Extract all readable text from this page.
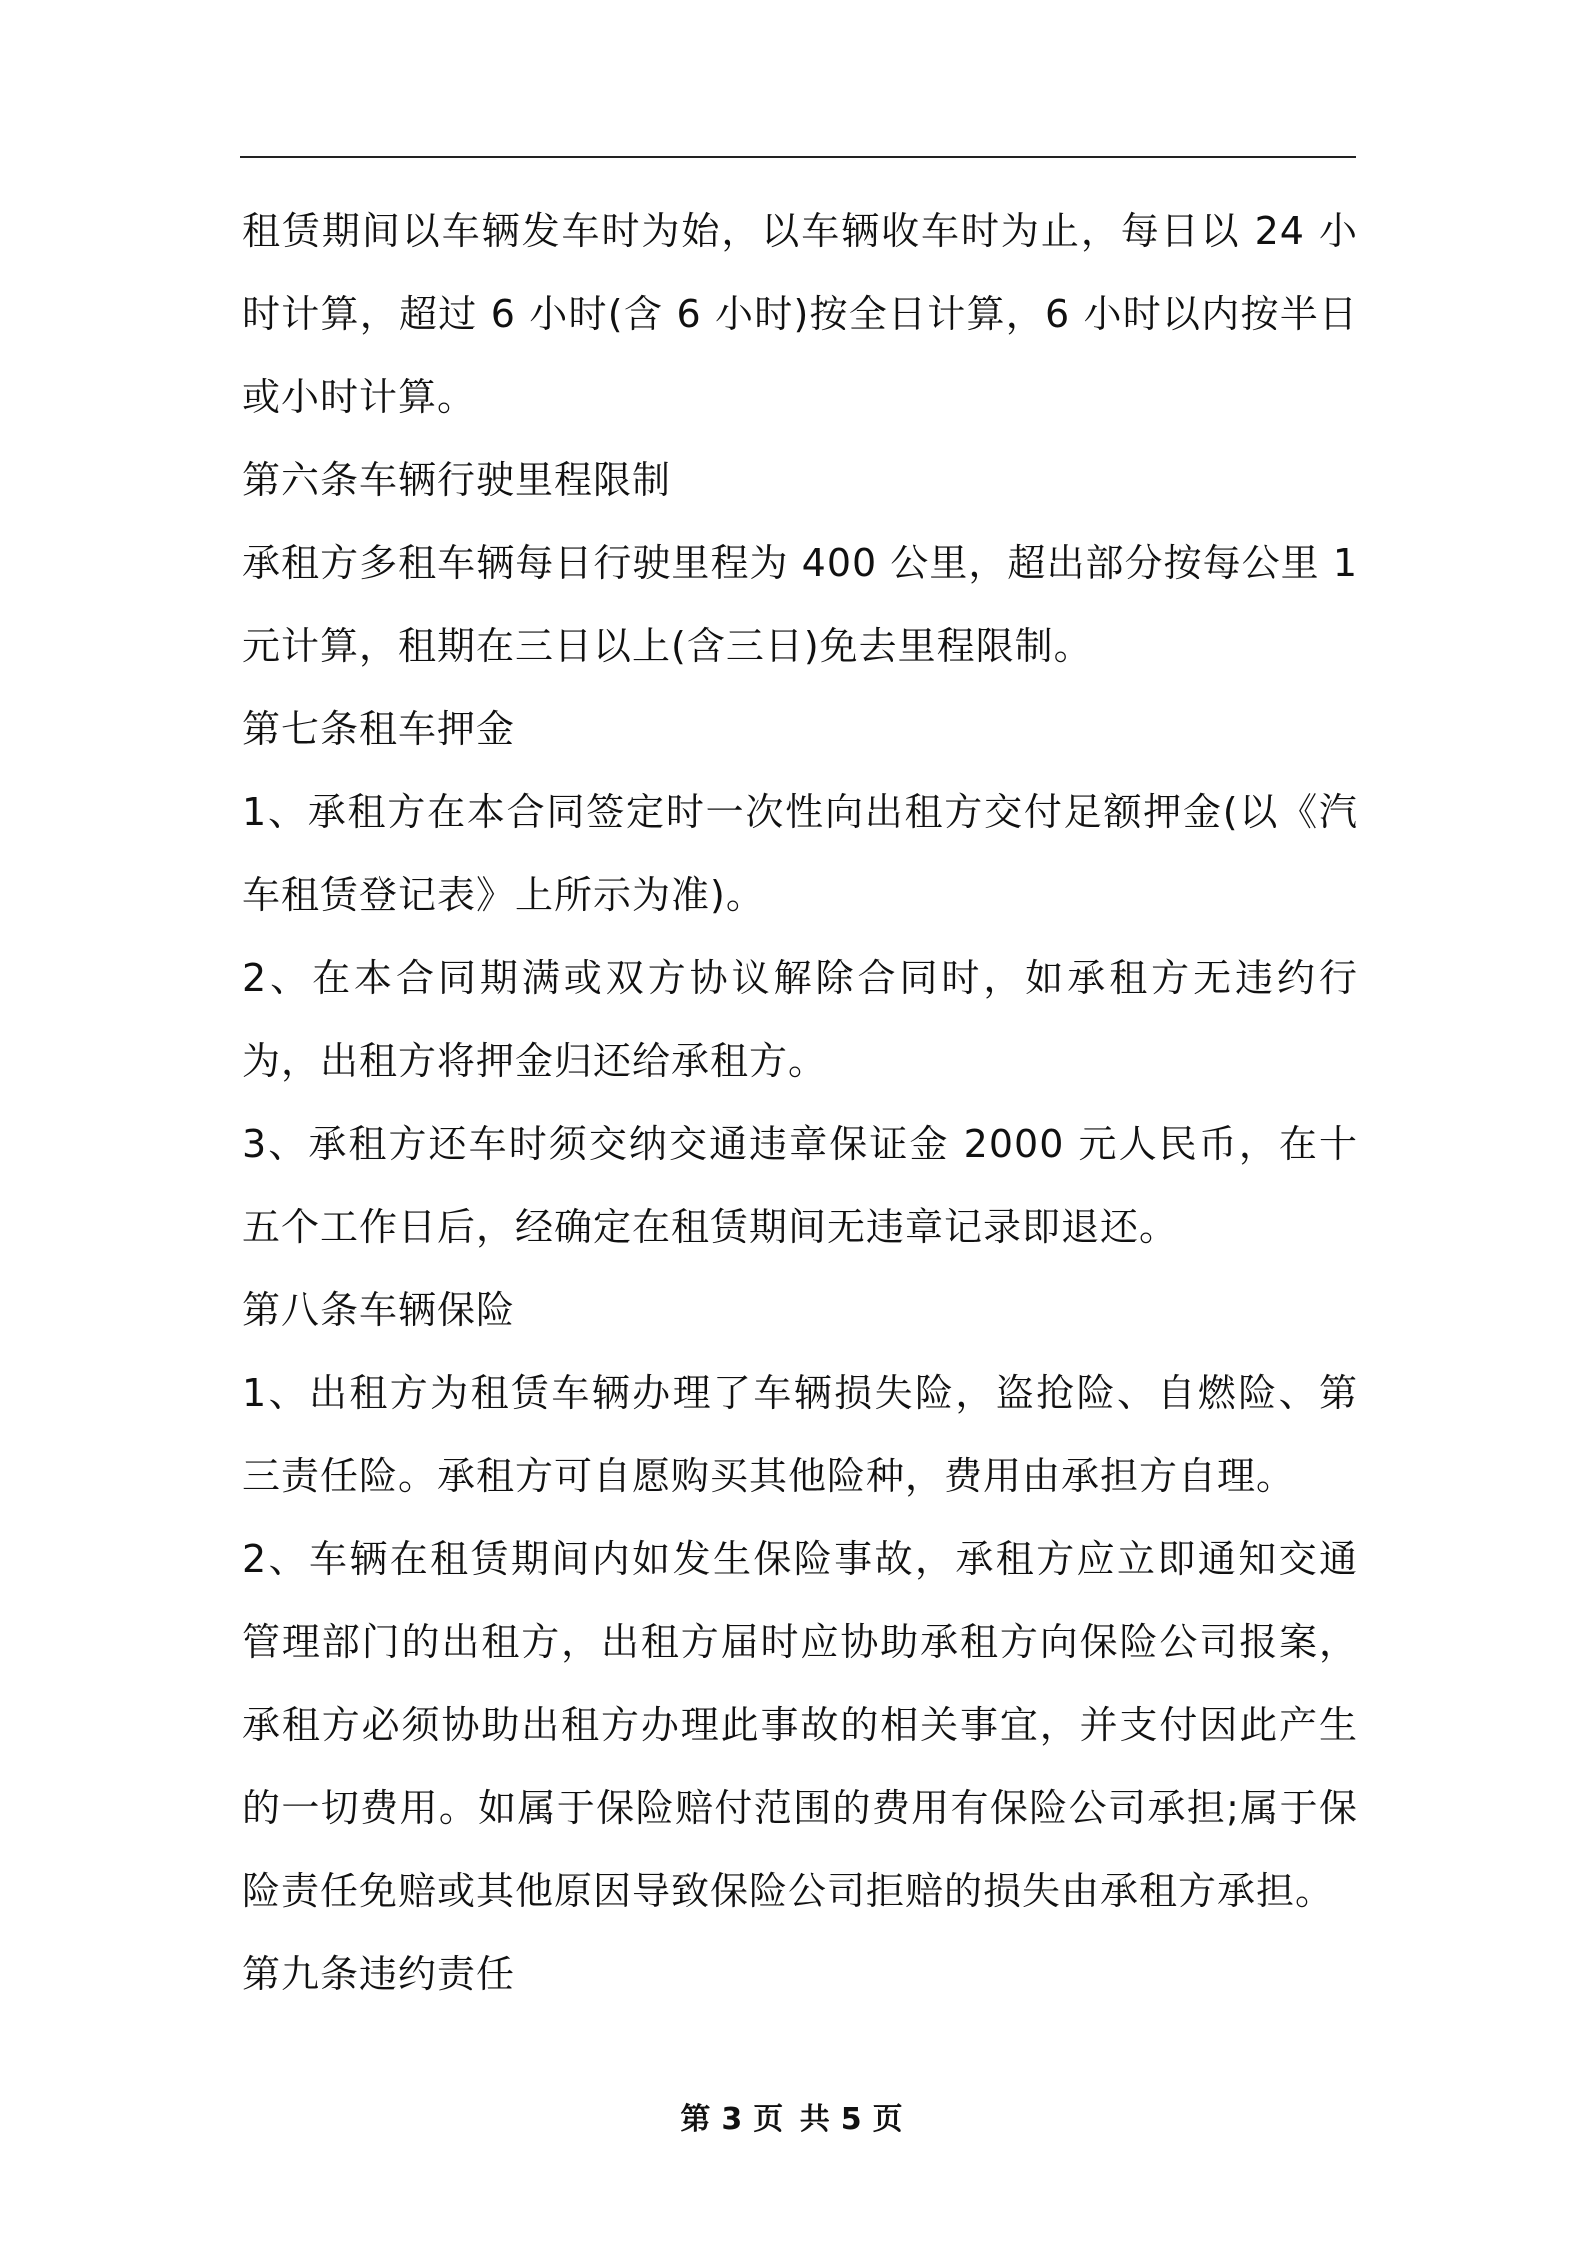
租赁期间以车辆发车时为始，以车辆收车时为止，每日以 24 小时计算，超过 6 小时(含 6 小时)按全日计算，6 小时以内按半日或小时计算。

第六条车辆行驶里程限制

承租方多租车辆每日行驶里程为 400 公里，超出部分按每公里 1 元计算，租期在三日以上(含三日)免去里程限制。

第七条租车押金

1、承租方在本合同签定时一次性向出租方交付足额押金(以《汽车租赁登记表》上所示为准)。

2、在本合同期满或双方协议解除合同时，如承租方无违约行为，出租方将押金归还给承租方。

3、承租方还车时须交纳交通违章保证金 2000 元人民币，在十五个工作日后，经确定在租赁期间无违章记录即退还。

第八条车辆保险

1、出租方为租赁车辆办理了车辆损失险，盗抢险、自燃险、第三责任险。承租方可自愿购买其他险种，费用由承担方自理。

2、车辆在租赁期间内如发生保险事故，承租方应立即通知交通管理部门的出租方，出租方届时应协助承租方向保险公司报案，承租方必须协助出租方办理此事故的相关事宜，并支付因此产生的一切费用。如属于保险赔付范围的费用有保险公司承担;属于保险责任免赔或其他原因导致保险公司拒赔的损失由承租方承担。

第九条违约责任

第 3 页 共 5 页
